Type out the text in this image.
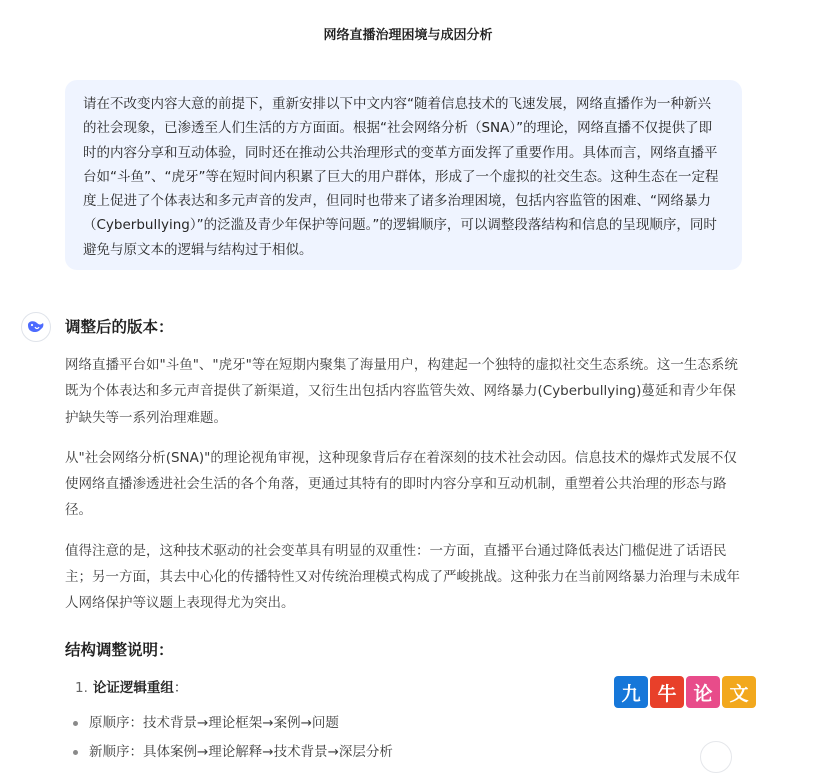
网络直播治理困境与成因分析
请在不改变内容大意的前提下，重新安排以下中文内容“随着信息技术的飞速发展，网络直播作为一种新兴的社会现象，已渗透至人们生活的方方面面。根据“社会网络分析（SNA）”的理论，网络直播不仅提供了即时的内容分享和互动体验，同时还在推动公共治理形式的变革方面发挥了重要作用。具体而言，网络直播平台如“斗鱼”、“虎牙”等在短时间内积累了巨大的用户群体，形成了一个虚拟的社交生态。这种生态在一定程度上促进了个体表达和多元声音的发声，但同时也带来了诸多治理困境，包括内容监管的困难、“网络暴力（Cyberbullying）”的泛滥及青少年保护等问题。”的逻辑顺序，可以调整段落结构和信息的呈现顺序，同时避免与原文本的逻辑与结构过于相似。
调整后的版本：

网络直播平台如"斗鱼"、"虎牙"等在短期内聚集了海量用户，构建起一个独特的虚拟社交生态系统。这一生态系统既为个体表达和多元声音提供了新渠道，又衍生出包括内容监管失效、网络暴力(Cyberbullying)蔓延和青少年保护缺失等一系列治理难题。

从"社会网络分析(SNA)"的理论视角审视，这种现象背后存在着深刻的技术社会动因。信息技术的爆炸式发展不仅使网络直播渗透进社会生活的各个角落，更通过其特有的即时内容分享和互动机制，重塑着公共治理的形态与路径。

值得注意的是，这种技术驱动的社会变革具有明显的双重性：一方面，直播平台通过降低表达门槛促进了话语民主；另一方面，其去中心化的传播特性又对传统治理模式构成了严峻挑战。这种张力在当前网络暴力治理与未成年人网络保护等议题上表现得尤为突出。

结构调整说明：
1. 论证逻辑重组：
原顺序：技术背景→理论框架→案例→问题
新顺序：具体案例→理论解释→技术背景→深层分析
九 牛 论 文
